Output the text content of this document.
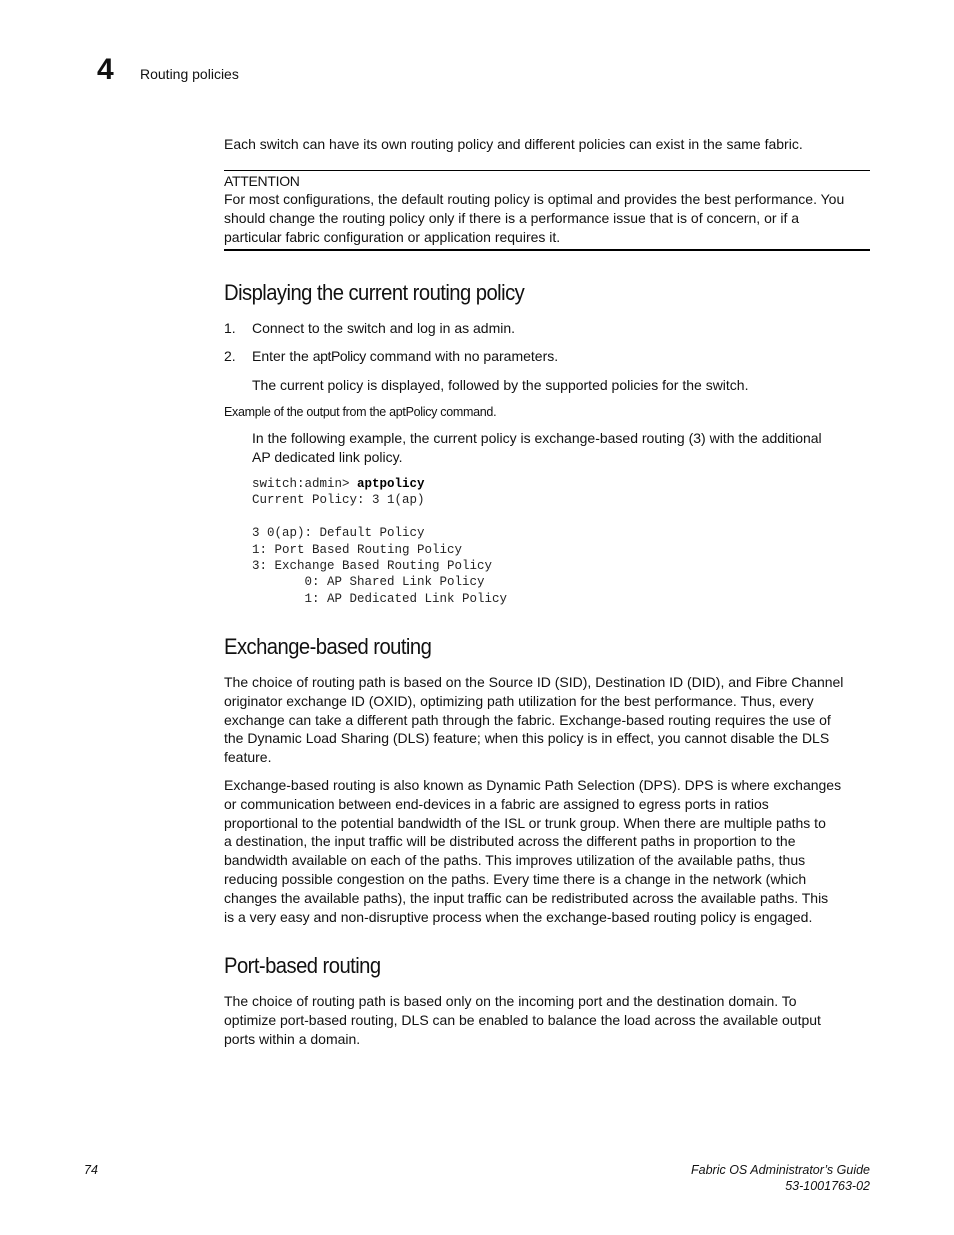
4 Routing policies
Each switch can have its own routing policy and different policies can exist in the same fabric.
ATTENTION
For most configurations, the default routing policy is optimal and provides the best performance. You
should change the routing policy only if there is a performance issue that is of concern, or if a
particular fabric configuration or application requires it.
Displaying the current routing policy
1. Connect to the switch and log in as admin.
2. Enter the aptPolicy command with no parameters.
The current policy is displayed, followed by the supported policies for the switch.
Example of the output from the aptPolicy command.
In the following example, the current policy is exchange-based routing (3) with the additional
AP dedicated link policy.
switch:admin> aptpolicy
Current Policy: 3 1(ap)
3 0(ap): Default Policy
1: Port Based Routing Policy
3: Exchange Based Routing Policy
0: AP Shared Link Policy
1: AP Dedicated Link Policy
Exchange-based routing
The choice of routing path is based on the Source ID (SID), Destination ID (DID), and Fibre Channel
originator exchange ID (OXID), optimizing path utilization for the best performance. Thus, every
exchange can take a different path through the fabric. Exchange-based routing requires the use of
the Dynamic Load Sharing (DLS) feature; when this policy is in effect, you cannot disable the DLS
feature.
Exchange-based routing is also known as Dynamic Path Selection (DPS). DPS is where exchanges
or communication between end-devices in a fabric are assigned to egress ports in ratios
proportional to the potential bandwidth of the ISL or trunk group. When there are multiple paths to
a destination, the input traffic will be distributed across the different paths in proportion to the
bandwidth available on each of the paths. This improves utilization of the available paths, thus
reducing possible congestion on the paths. Every time there is a change in the network (which
changes the available paths), the input traffic can be redistributed across the available paths. This
is a very easy and non-disruptive process when the exchange-based routing policy is engaged.
Port-based routing
The choice of routing path is based only on the incoming port and the destination domain. To
optimize port-based routing, DLS can be enabled to balance the load across the available output
ports within a domain.
74	Fabric OS Administrator’s Guide
53-1001763-02
